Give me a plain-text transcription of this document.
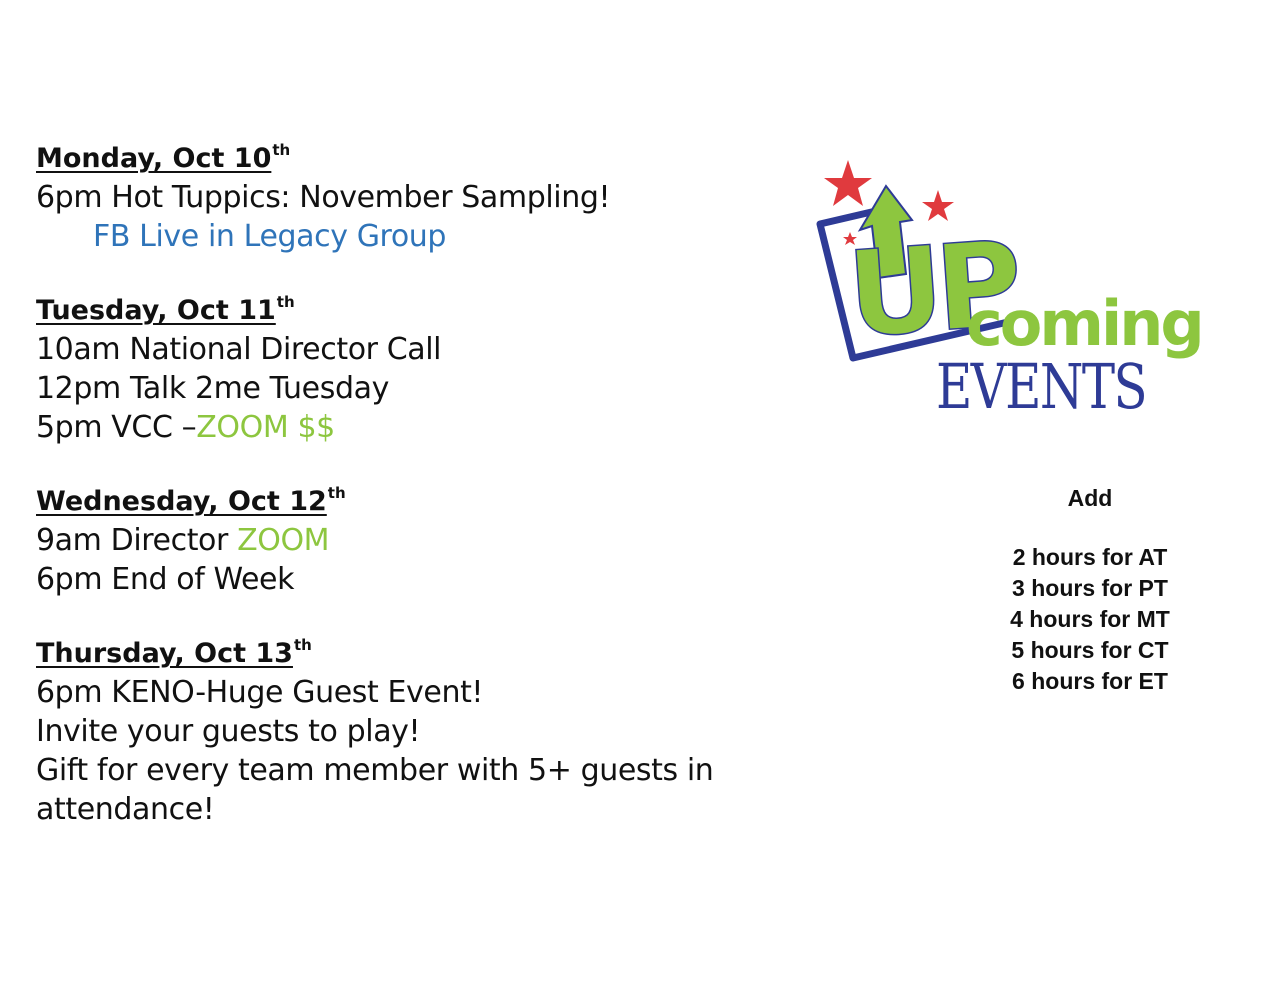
Monday, Oct 10th
6pm Hot Tuppics: November Sampling!
FB Live in Legacy Group
Tuesday, Oct 11th
10am National Director Call
12pm Talk 2me Tuesday
5pm VCC –ZOOM $$
Wednesday, Oct 12th
9am Director ZOOM
6pm End of Week
Thursday, Oct 13th
6pm KENO-Huge Guest Event!
Invite your guests to play!
Gift for every team member with 5+ guests in attendance!
UP
coming
EVENTS
Add
2 hours for AT
3 hours for PT
4 hours for MT
5 hours for CT
6 hours for ET
